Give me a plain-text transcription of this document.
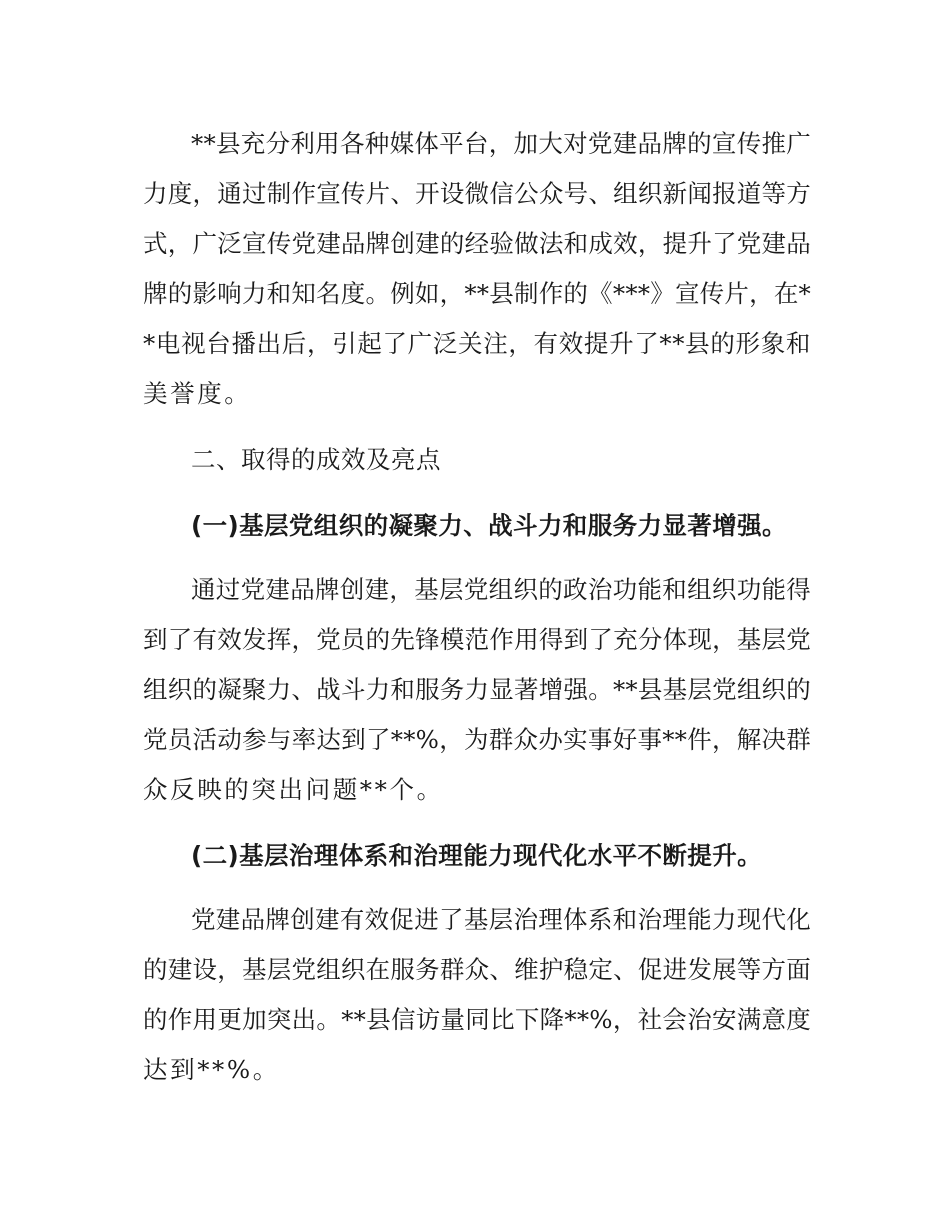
**县充分利用各种媒体平台，加大对党建品牌的宣传推广

力度，通过制作宣传片、开设微信公众号、组织新闻报道等方

式，广泛宣传党建品牌创建的经验做法和成效，提升了党建品

牌的影响力和知名度。例如，**县制作的《***》宣传片，在*

*电视台播出后，引起了广泛关注，有效提升了**县的形象和

美誉度。

二、取得的成效及亮点

(一)基层党组织的凝聚力、战斗力和服务力显著增强。

通过党建品牌创建，基层党组织的政治功能和组织功能得

到了有效发挥，党员的先锋模范作用得到了充分体现，基层党

组织的凝聚力、战斗力和服务力显著增强。**县基层党组织的

党员活动参与率达到了**%，为群众办实事好事**件，解决群

众反映的突出问题**个。

(二)基层治理体系和治理能力现代化水平不断提升。

党建品牌创建有效促进了基层治理体系和治理能力现代化

的建设，基层党组织在服务群众、维护稳定、促进发展等方面

的作用更加突出。**县信访量同比下降**%，社会治安满意度

达到**%。
